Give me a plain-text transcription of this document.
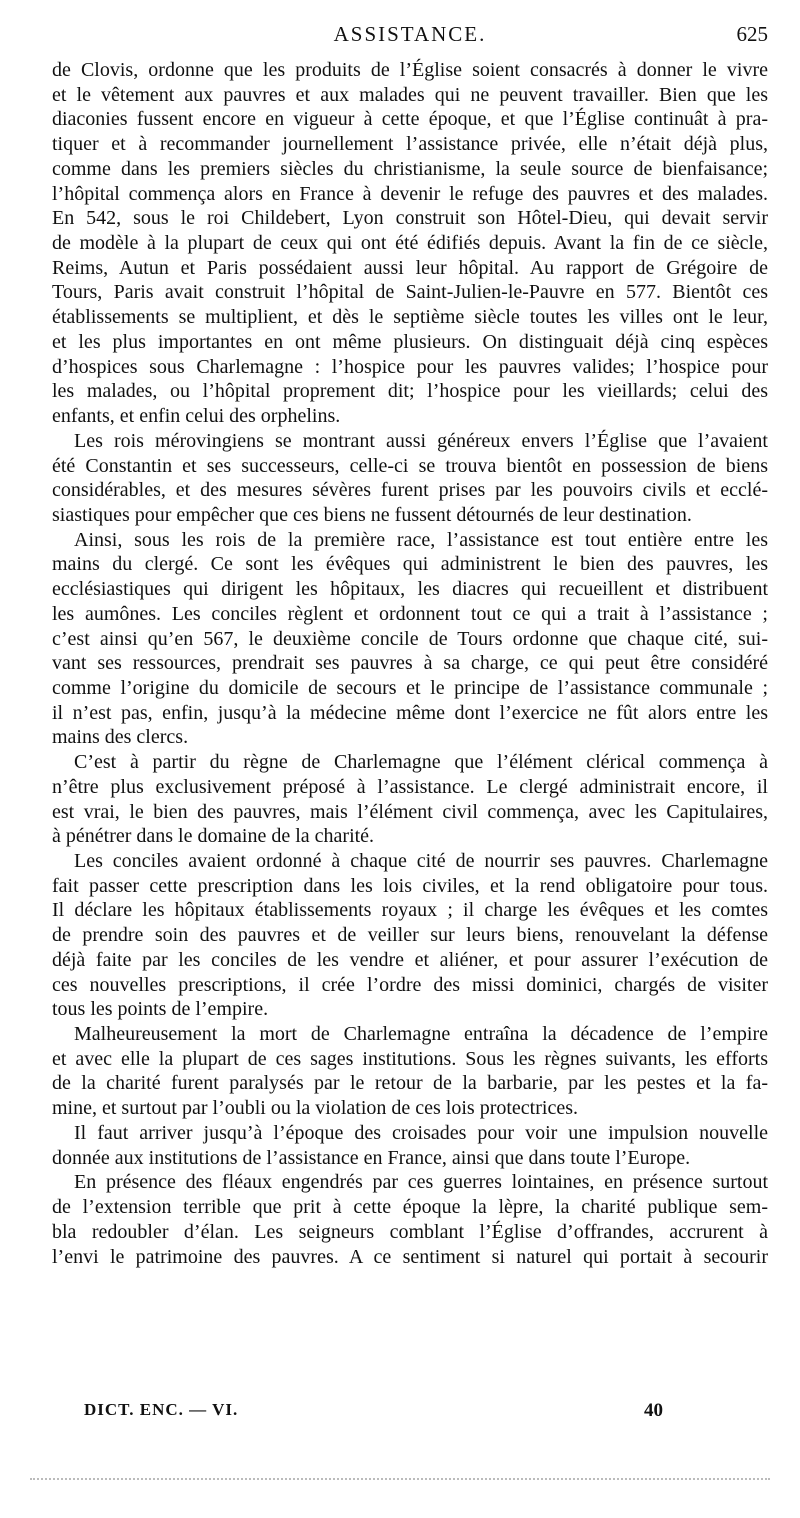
ASSISTANCE.	625
de Clovis, ordonne que les produits de l’Église soient consacrés à donner le vivre
et le vêtement aux pauvres et aux malades qui ne peuvent travailler. Bien que les
diaconies fussent encore en vigueur à cette époque, et que l’Église continuât à pra-
tiquer et à recommander journellement l’assistance privée, elle n’était déjà plus,
comme dans les premiers siècles du christianisme, la seule source de bienfaisance;
l’hôpital commença alors en France à devenir le refuge des pauvres et des malades.
En 542, sous le roi Childebert, Lyon construit son Hôtel-Dieu, qui devait servir
de modèle à la plupart de ceux qui ont été édifiés depuis. Avant la fin de ce siècle,
Reims, Autun et Paris possédaient aussi leur hôpital. Au rapport de Grégoire de
Tours, Paris avait construit l’hôpital de Saint-Julien-le-Pauvre en 577. Bientôt ces
établissements se multiplient, et dès le septième siècle toutes les villes ont le leur,
et les plus importantes en ont même plusieurs. On distinguait déjà cinq espèces
d’hospices sous Charlemagne : l’hospice pour les pauvres valides; l’hospice pour
les malades, ou l’hôpital proprement dit; l’hospice pour les vieillards; celui des
enfants, et enfin celui des orphelins.
Les rois mérovingiens se montrant aussi généreux envers l’Église que l’avaient
été Constantin et ses successeurs, celle-ci se trouva bientôt en possession de biens
considérables, et des mesures sévères furent prises par les pouvoirs civils et ecclé-
siastiques pour empêcher que ces biens ne fussent détournés de leur destination.
Ainsi, sous les rois de la première race, l’assistance est tout entière entre les
mains du clergé. Ce sont les évêques qui administrent le bien des pauvres, les
ecclésiastiques qui dirigent les hôpitaux, les diacres qui recueillent et distribuent
les aumônes. Les conciles règlent et ordonnent tout ce qui a trait à l’assistance ;
c’est ainsi qu’en 567, le deuxième concile de Tours ordonne que chaque cité, sui-
vant ses ressources, prendrait ses pauvres à sa charge, ce qui peut être considéré
comme l’origine du domicile de secours et le principe de l’assistance communale ;
il n’est pas, enfin, jusqu’à la médecine même dont l’exercice ne fût alors entre les
mains des clercs.
C’est à partir du règne de Charlemagne que l’élément clérical commença à
n’être plus exclusivement préposé à l’assistance. Le clergé administrait encore, il
est vrai, le bien des pauvres, mais l’élément civil commença, avec les Capitulaires,
à pénétrer dans le domaine de la charité.
Les conciles avaient ordonné à chaque cité de nourrir ses pauvres. Charlemagne
fait passer cette prescription dans les lois civiles, et la rend obligatoire pour tous.
Il déclare les hôpitaux établissements royaux ; il charge les évêques et les comtes
de prendre soin des pauvres et de veiller sur leurs biens, renouvelant la défense
déjà faite par les conciles de les vendre et aliéner, et pour assurer l’exécution de
ces nouvelles prescriptions, il crée l’ordre des missi dominici, chargés de visiter
tous les points de l’empire.
Malheureusement la mort de Charlemagne entraîna la décadence de l’empire
et avec elle la plupart de ces sages institutions. Sous les règnes suivants, les efforts
de la charité furent paralysés par le retour de la barbarie, par les pestes et la fa-
mine, et surtout par l’oubli ou la violation de ces lois protectrices.
Il faut arriver jusqu’à l’époque des croisades pour voir une impulsion nouvelle
donnée aux institutions de l’assistance en France, ainsi que dans toute l’Europe.
En présence des fléaux engendrés par ces guerres lointaines, en présence surtout
de l’extension terrible que prit à cette époque la lèpre, la charité publique sem-
bla redoubler d’élan. Les seigneurs comblant l’Église d’offrandes, accrurent à
l’envi le patrimoine des pauvres. A ce sentiment si naturel qui portait à secourir
DICT. ENC. — VI.	40
